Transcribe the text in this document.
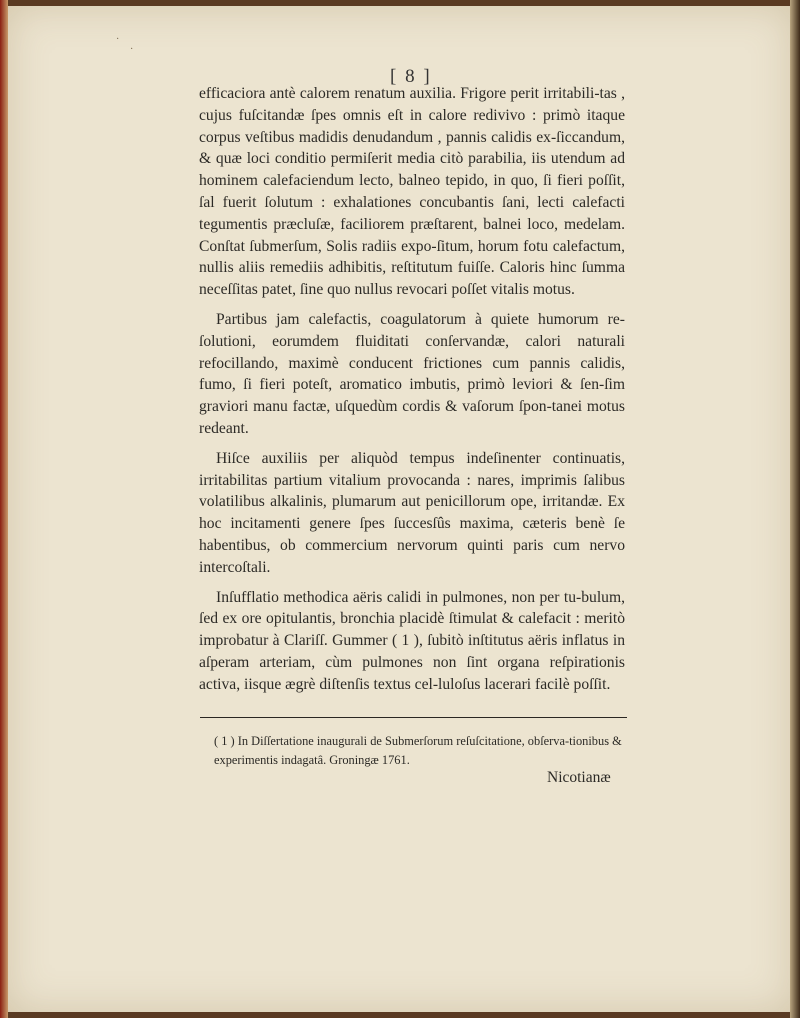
·
·
[ 8 ]

efficaciora antè calorem renatum auxilia. Frigore perit irritabili-tas , cujus fuſcitandæ ſpes omnis eſt in calore redivivo : primò itaque corpus veſtibus madidis denudandum , pannis calidis ex-ſiccandum, & quæ loci conditio permiſerit media citò parabilia, iis utendum ad hominem calefaciendum lecto, balneo tepido, in quo, ſi fieri poſſit, ſal fuerit ſolutum : exhalationes concubantis ſani, lecti calefacti tegumentis præcluſæ, faciliorem præſtarent, balnei loco, medelam. Conſtat ſubmerſum, Solis radiis expo-ſitum, horum fotu calefactum, nullis aliis remediis adhibitis, reſtitutum fuiſſe. Caloris hinc ſumma neceſſitas patet, ſine quo nullus revocari poſſet vitalis motus.

Partibus jam calefactis, coagulatorum à quiete humorum re-ſolutioni, eorumdem fluiditati conſervandæ, calori naturali refocillando, maximè conducent frictiones cum pannis calidis, fumo, ſi fieri poteſt, aromatico imbutis, primò leviori & ſen-ſim graviori manu factæ, uſquedùm cordis & vaſorum ſpon-tanei motus redeant.

Hiſce auxiliis per aliquòd tempus indeſinenter continuatis, irritabilitas partium vitalium provocanda : nares, imprimis ſalibus volatilibus alkalinis, plumarum aut penicillorum ope, irritandæ. Ex hoc incitamenti genere ſpes ſuccesſûs maxima, cæteris benè ſe habentibus, ob commercium nervorum quinti paris cum nervo intercoſtali.

Inſufflatio methodica aëris calidi in pulmones, non per tu-bulum, ſed ex ore opitulantis, bronchia placidè ſtimulat & calefacit : meritò improbatur à Clariſſ. Gummer ( 1 ), ſubitò inſtitutus aëris inflatus in aſperam arteriam, cùm pulmones non ſint organa reſpirationis activa, iisque ægrè diſtenſis textus cel-luloſus lacerari facilè poſſit.

( 1 ) In Diſſertatione inaugurali de Submerſorum reſuſcitatione, obſerva-tionibus & experimentis indagatâ. Groningæ 1761.
Nicotianæ
